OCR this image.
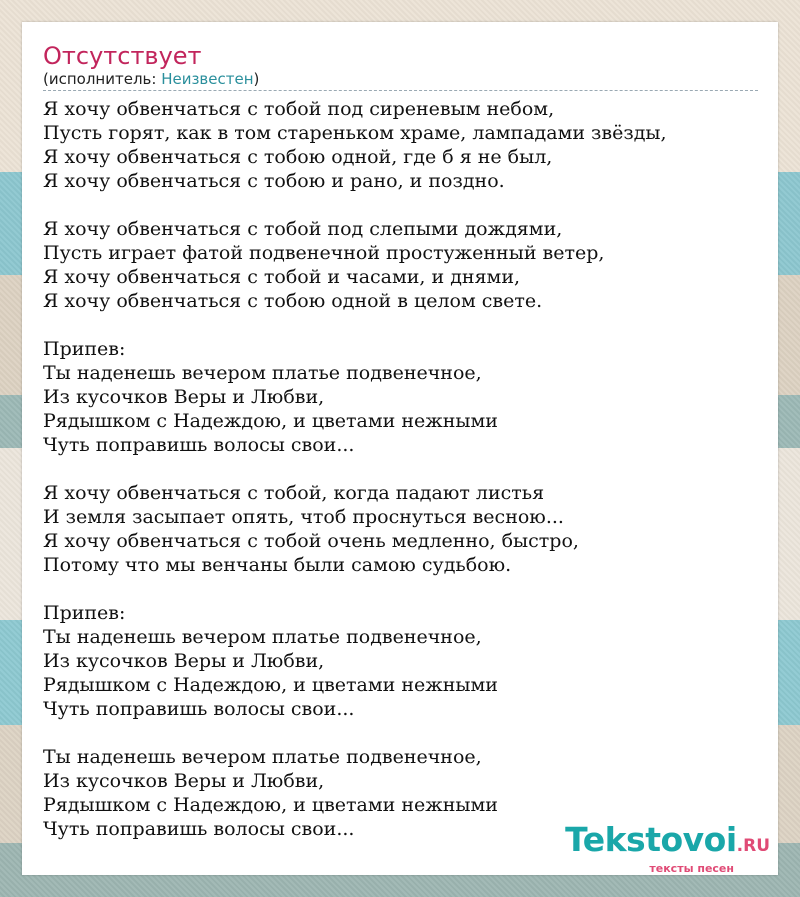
Отсутствует
(исполнитель: Неизвестен)
Я хочу обвенчаться с тобой под сиреневым небом,
Пусть горят, как в том стареньком храме, лампадами звёзды,
Я хочу обвенчаться с тобою одной, где б я не был,
Я хочу обвенчаться с тобою и рано, и поздно.
Я хочу обвенчаться с тобой под слепыми дождями,
Пусть играет фатой подвенечной простуженный ветер,
Я хочу обвенчаться с тобой и часами, и днями,
Я хочу обвенчаться с тобою одной в целом свете.
Припев:
Ты наденешь вечером платье подвенечное,
Из кусочков Веры и Любви,
Рядышком с Надеждою, и цветами нежными
Чуть поправишь волосы свои...
Я хочу обвенчаться с тобой, когда падают листья
И земля засыпает опять, чтоб проснуться весною...
Я хочу обвенчаться с тобой очень медленно, быстро,
Потому что мы венчаны были самою судьбою.
Припев:
Ты наденешь вечером платье подвенечное,
Из кусочков Веры и Любви,
Рядышком с Надеждою, и цветами нежными
Чуть поправишь волосы свои...
Ты наденешь вечером платье подвенечное,
Из кусочков Веры и Любви,
Рядышком с Надеждою, и цветами нежными
Чуть поправишь волосы свои...	Tekstovoi.RU
тексты песен
